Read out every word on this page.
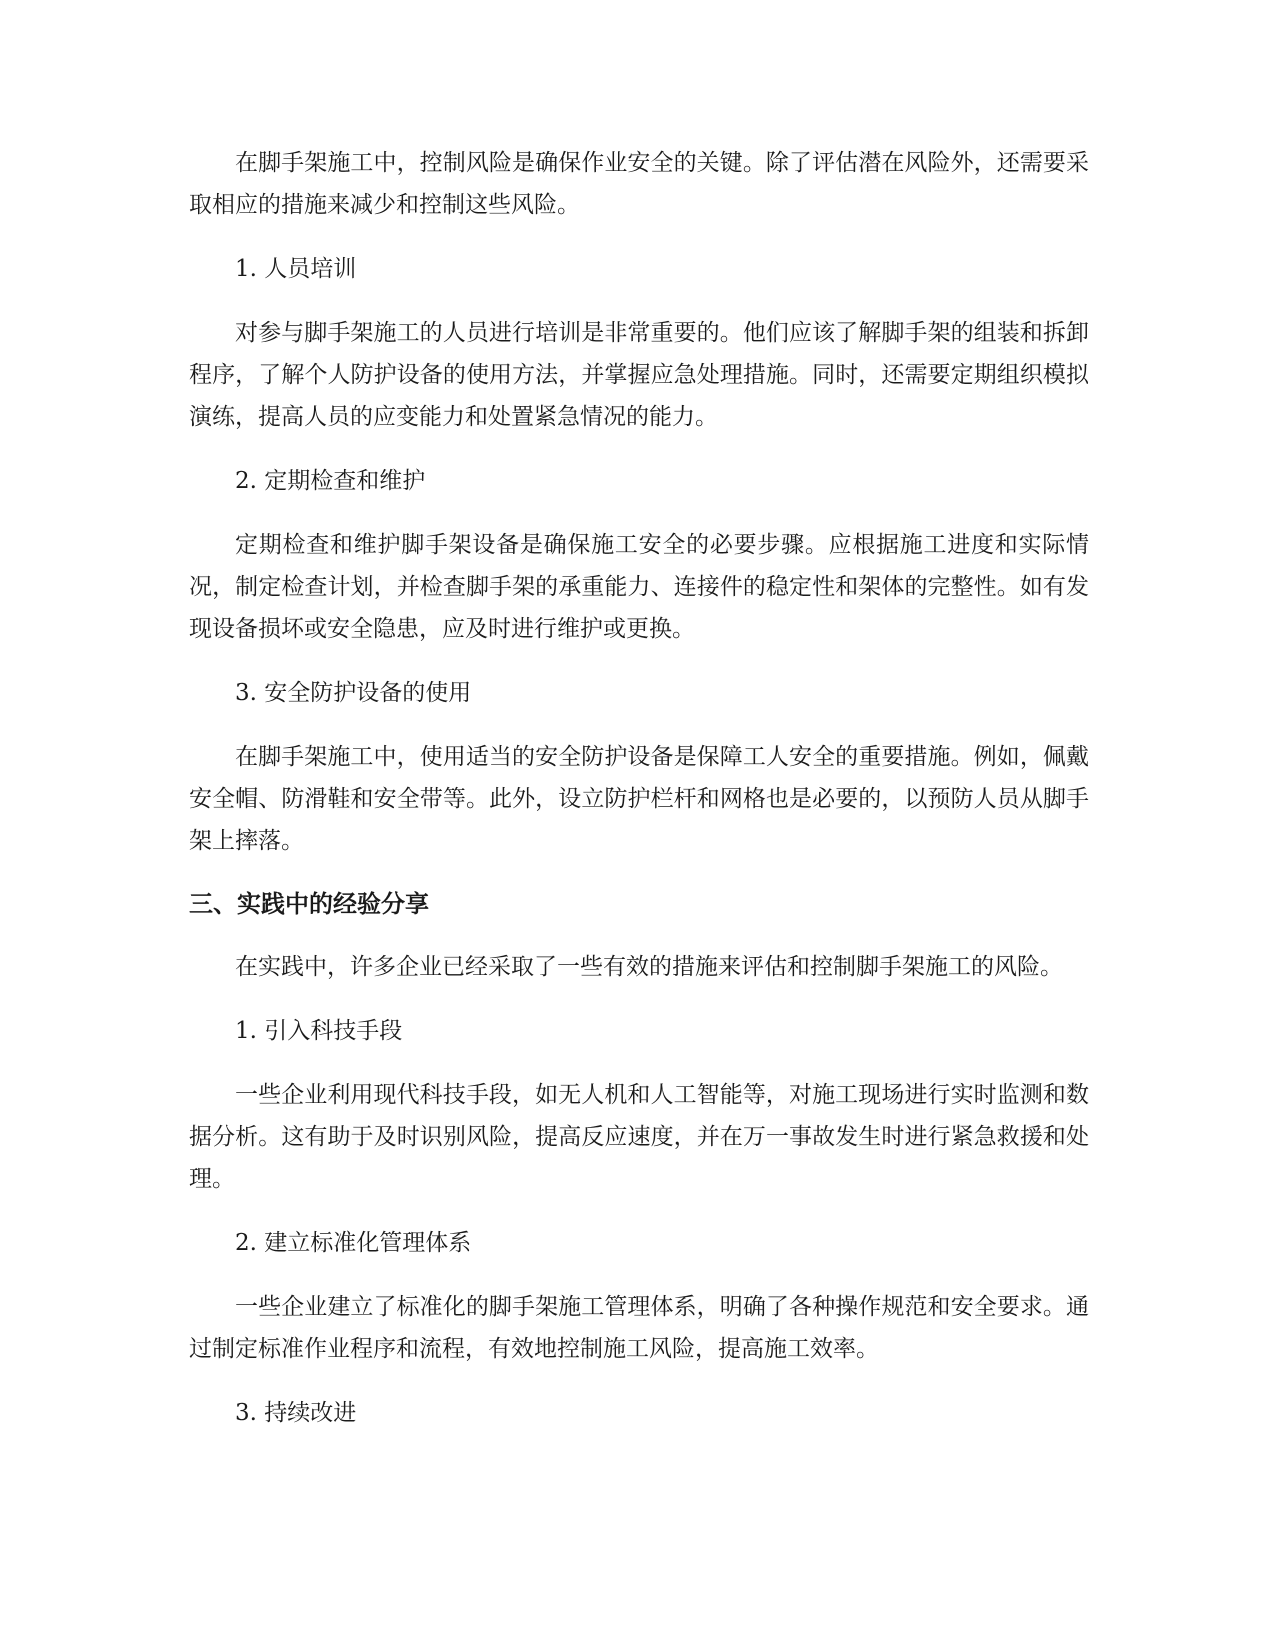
在脚手架施工中，控制风险是确保作业安全的关键。除了评估潜在风险外，还需要采取相应的措施来减少和控制这些风险。

1. 人员培训

对参与脚手架施工的人员进行培训是非常重要的。他们应该了解脚手架的组装和拆卸程序，了解个人防护设备的使用方法，并掌握应急处理措施。同时，还需要定期组织模拟演练，提高人员的应变能力和处置紧急情况的能力。

2. 定期检查和维护

定期检查和维护脚手架设备是确保施工安全的必要步骤。应根据施工进度和实际情况，制定检查计划，并检查脚手架的承重能力、连接件的稳定性和架体的完整性。如有发现设备损坏或安全隐患，应及时进行维护或更换。

3. 安全防护设备的使用

在脚手架施工中，使用适当的安全防护设备是保障工人安全的重要措施。例如，佩戴安全帽、防滑鞋和安全带等。此外，设立防护栏杆和网格也是必要的，以预防人员从脚手架上摔落。

三、实践中的经验分享

在实践中，许多企业已经采取了一些有效的措施来评估和控制脚手架施工的风险。

1. 引入科技手段

一些企业利用现代科技手段，如无人机和人工智能等，对施工现场进行实时监测和数据分析。这有助于及时识别风险，提高反应速度，并在万一事故发生时进行紧急救援和处理。

2. 建立标准化管理体系

一些企业建立了标准化的脚手架施工管理体系，明确了各种操作规范和安全要求。通过制定标准作业程序和流程，有效地控制施工风险，提高施工效率。

3. 持续改进
